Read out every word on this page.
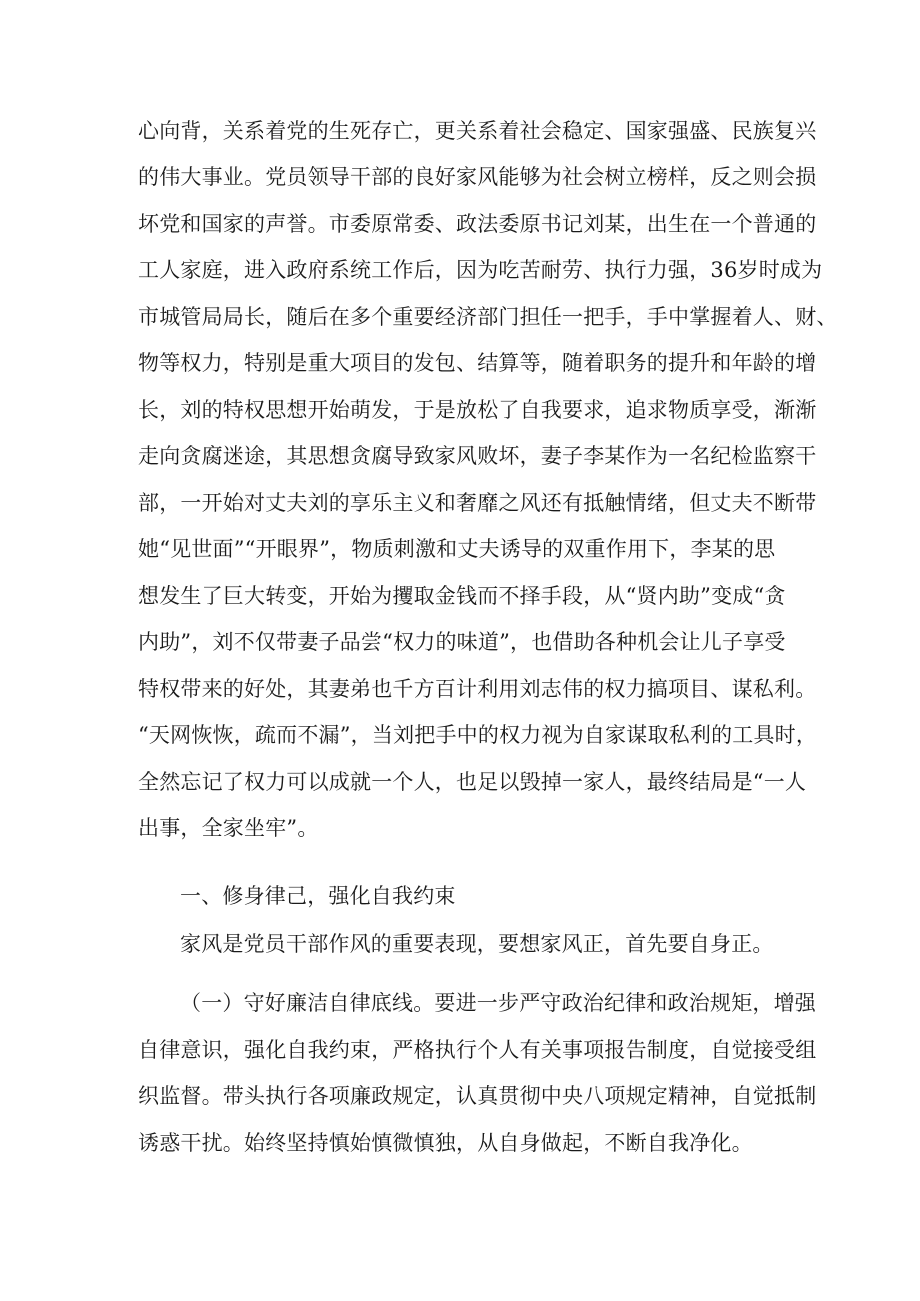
心向背，关系着党的生死存亡，更关系着社会稳定、国家强盛、民族复兴
的伟大事业。党员领导干部的良好家风能够为社会树立榜样，反之则会损
坏党和国家的声誉。市委原常委、政法委原书记刘某，出生在一个普通的
工人家庭，进入政府系统工作后，因为吃苦耐劳、执行力强，36岁时成为
市城管局局长，随后在多个重要经济部门担任一把手，手中掌握着人、财、
物等权力，特别是重大项目的发包、结算等，随着职务的提升和年龄的增
长，刘的特权思想开始萌发，于是放松了自我要求，追求物质享受，渐渐
走向贪腐迷途，其思想贪腐导致家风败坏，妻子李某作为一名纪检监察干
部，一开始对丈夫刘的享乐主义和奢靡之风还有抵触情绪，但丈夫不断带
她“见世面”“开眼界”，物质刺激和丈夫诱导的双重作用下，李某的思
想发生了巨大转变，开始为攫取金钱而不择手段，从“贤内助”变成“贪
内助”，刘不仅带妻子品尝“权力的味道”，也借助各种机会让儿子享受
特权带来的好处，其妻弟也千方百计利用刘志伟的权力搞项目、谋私利。
“天网恢恢，疏而不漏”，当刘把手中的权力视为自家谋取私利的工具时，
全然忘记了权力可以成就一个人，也足以毁掉一家人，最终结局是“一人
出事，全家坐牢”。
一、修身律己，强化自我约束
家风是党员干部作风的重要表现，要想家风正，首先要自身正。
（一）守好廉洁自律底线。要进一步严守政治纪律和政治规矩，增强
自律意识，强化自我约束，严格执行个人有关事项报告制度，自觉接受组
织监督。带头执行各项廉政规定，认真贯彻中央八项规定精神，自觉抵制
诱惑干扰。始终坚持慎始慎微慎独，从自身做起，不断自我净化。
